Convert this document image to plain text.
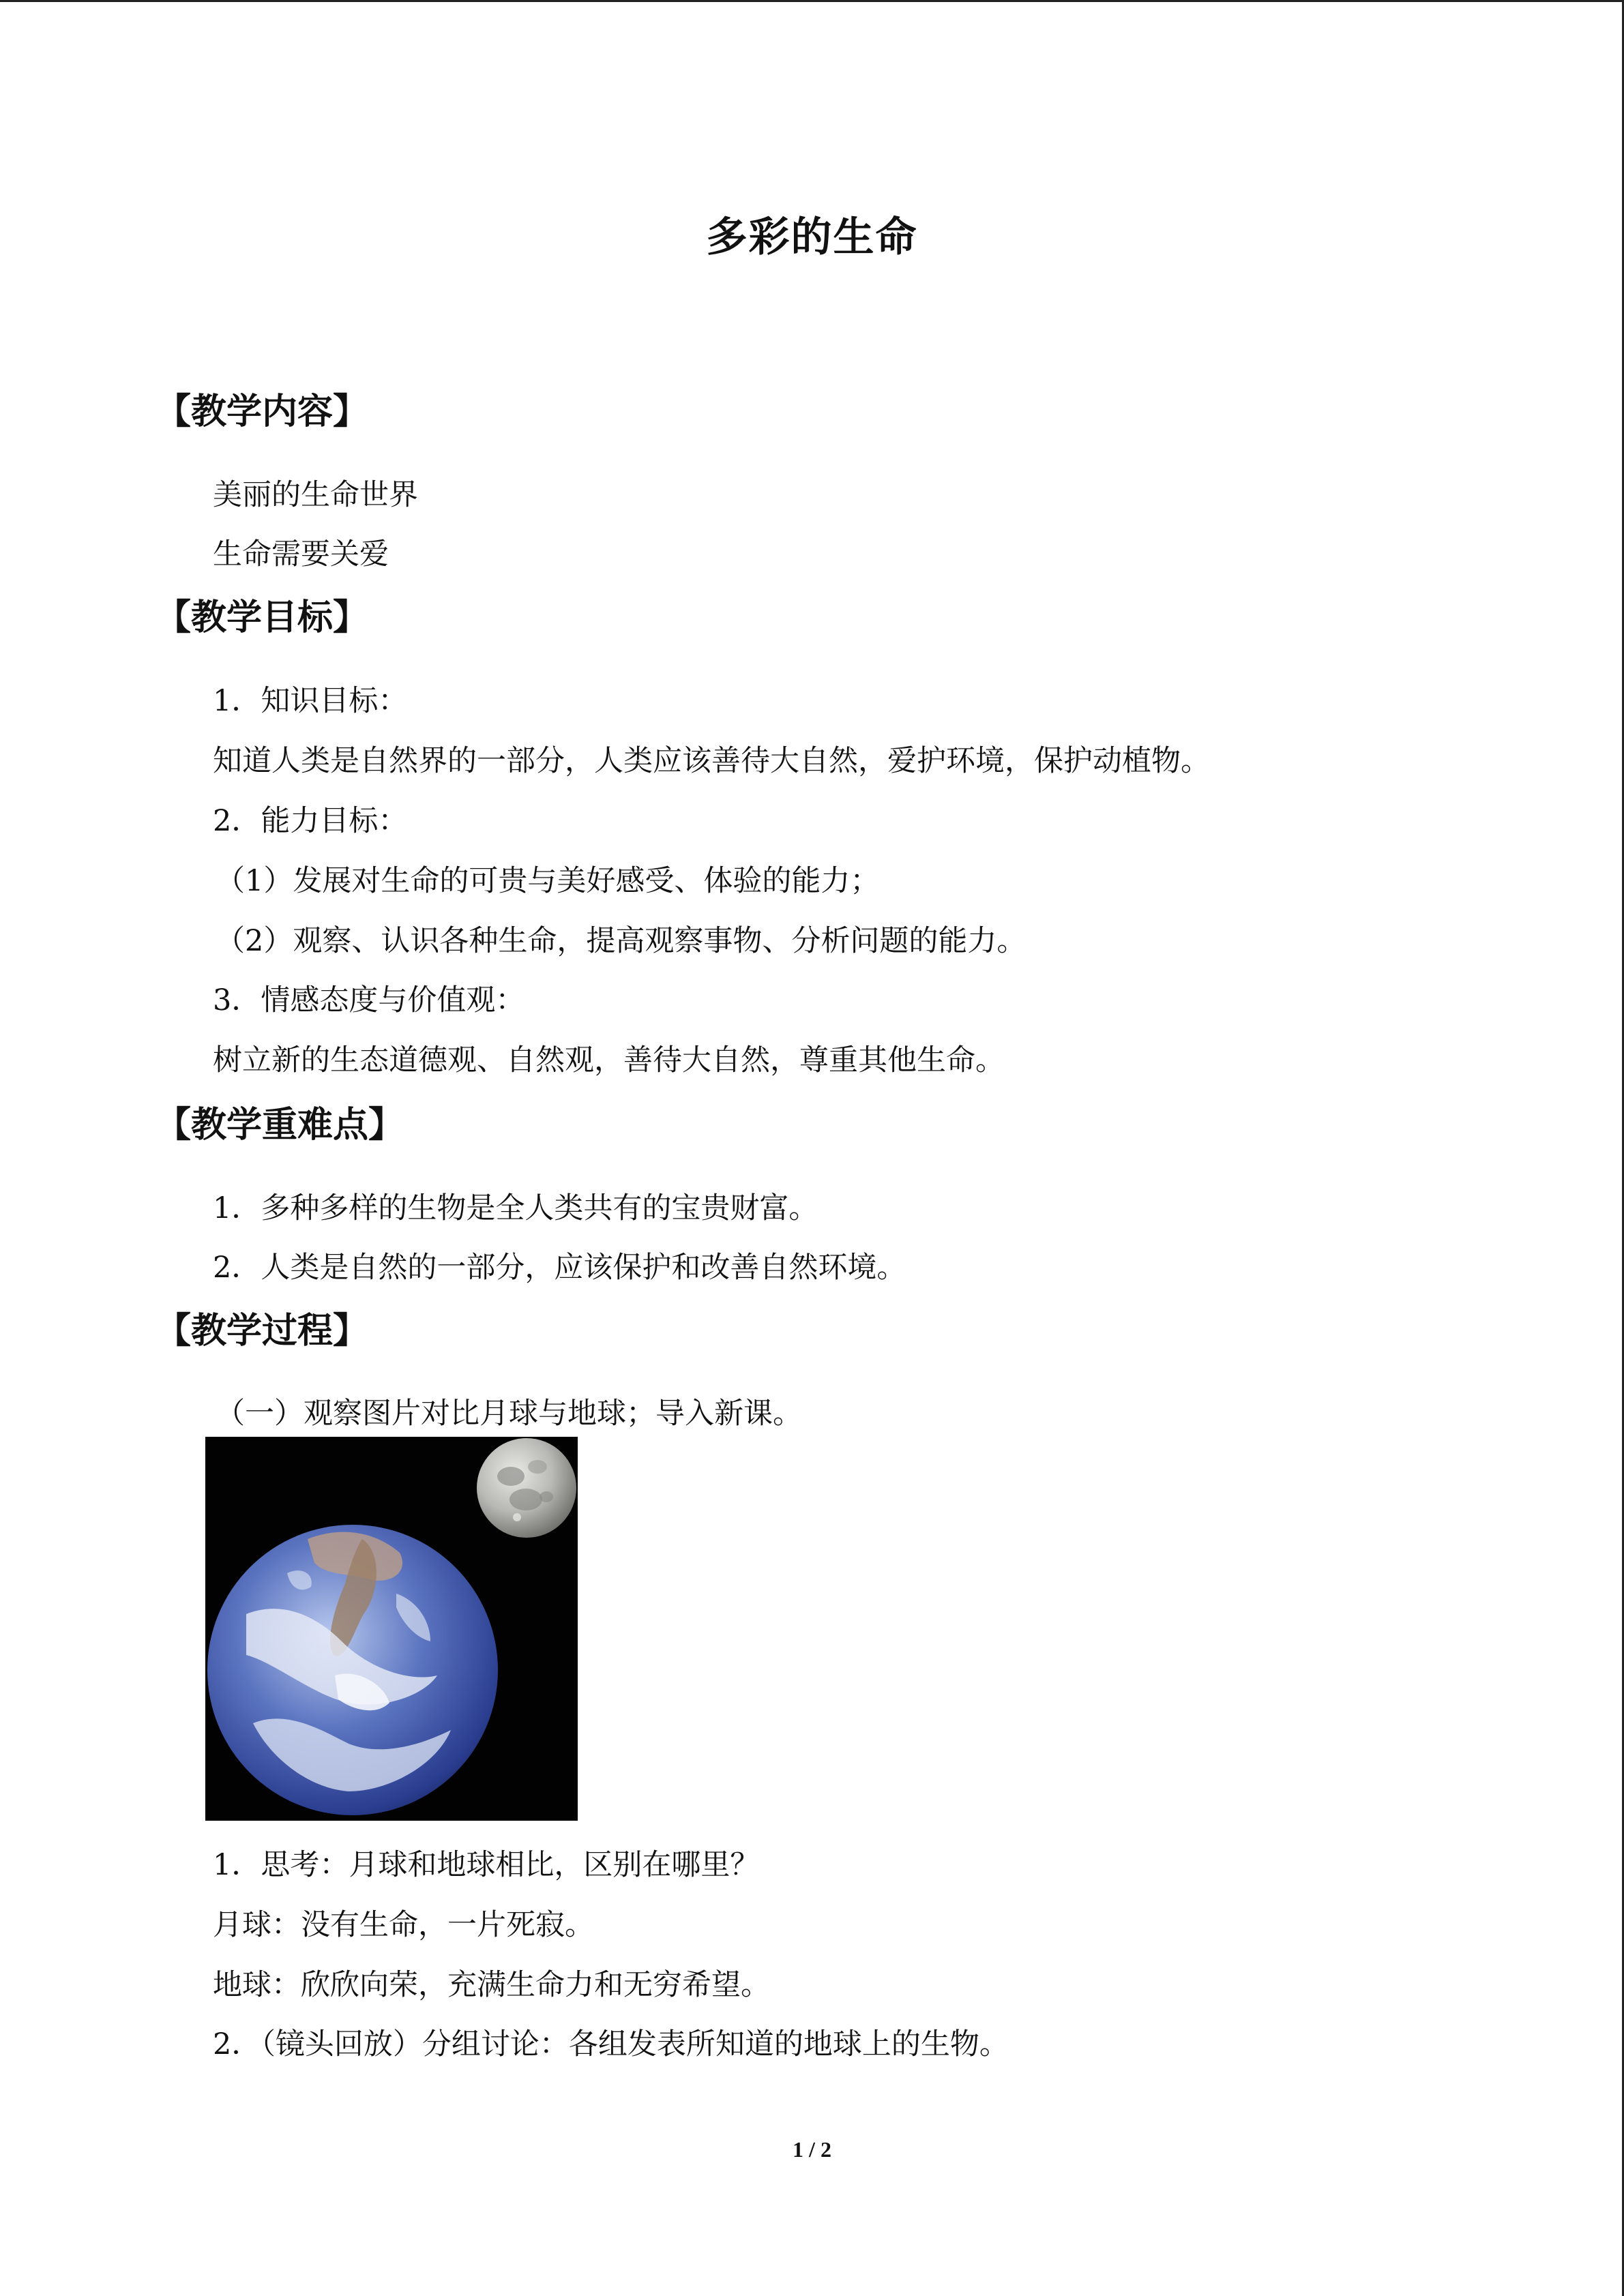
多彩的生命
【教学内容】
美丽的生命世界
生命需要关爱
【教学目标】
1．知识目标：
知道人类是自然界的一部分，人类应该善待大自然，爱护环境，保护动植物。
2．能力目标：
（1）发展对生命的可贵与美好感受、体验的能力；
（2）观察、认识各种生命，提高观察事物、分析问题的能力。
3．情感态度与价值观：
树立新的生态道德观、自然观，善待大自然，尊重其他生命。
【教学重难点】
1．多种多样的生物是全人类共有的宝贵财富。
2．人类是自然的一部分，应该保护和改善自然环境。
【教学过程】
（一）观察图片对比月球与地球；导入新课。
1．思考：月球和地球相比，区别在哪里？
月球：没有生命，一片死寂。
地球：欣欣向荣，充满生命力和无穷希望。
2．（镜头回放）分组讨论：各组发表所知道的地球上的生物。
1 / 2
